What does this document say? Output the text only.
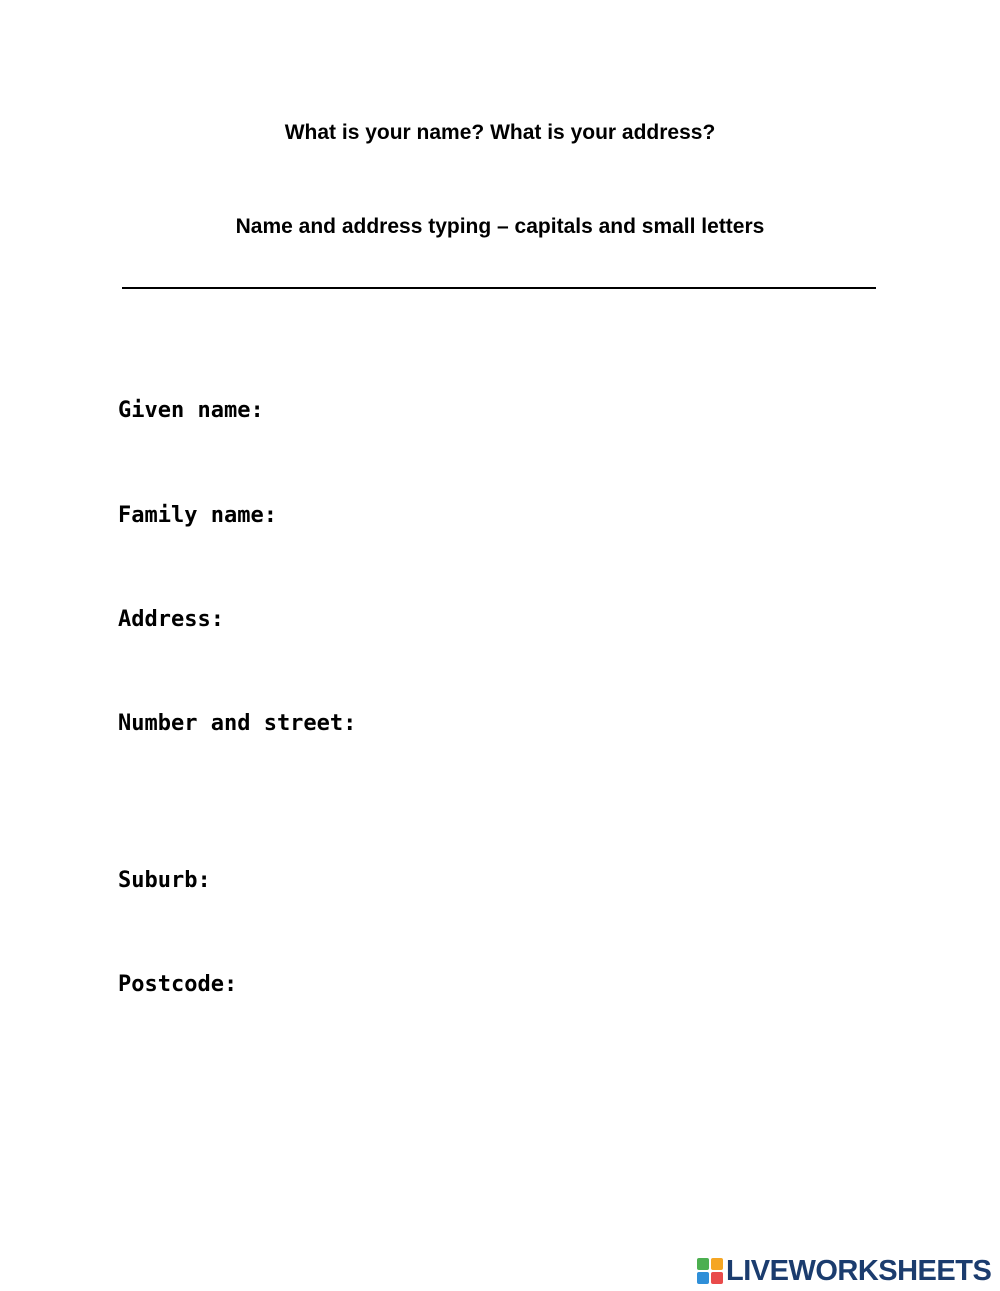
What is your name? What is your address?
Name and address typing – capitals and small letters
Given name:
Family name:
Address:
Number and street:
Suburb:
Postcode:
LIVEWORKSHEETS
